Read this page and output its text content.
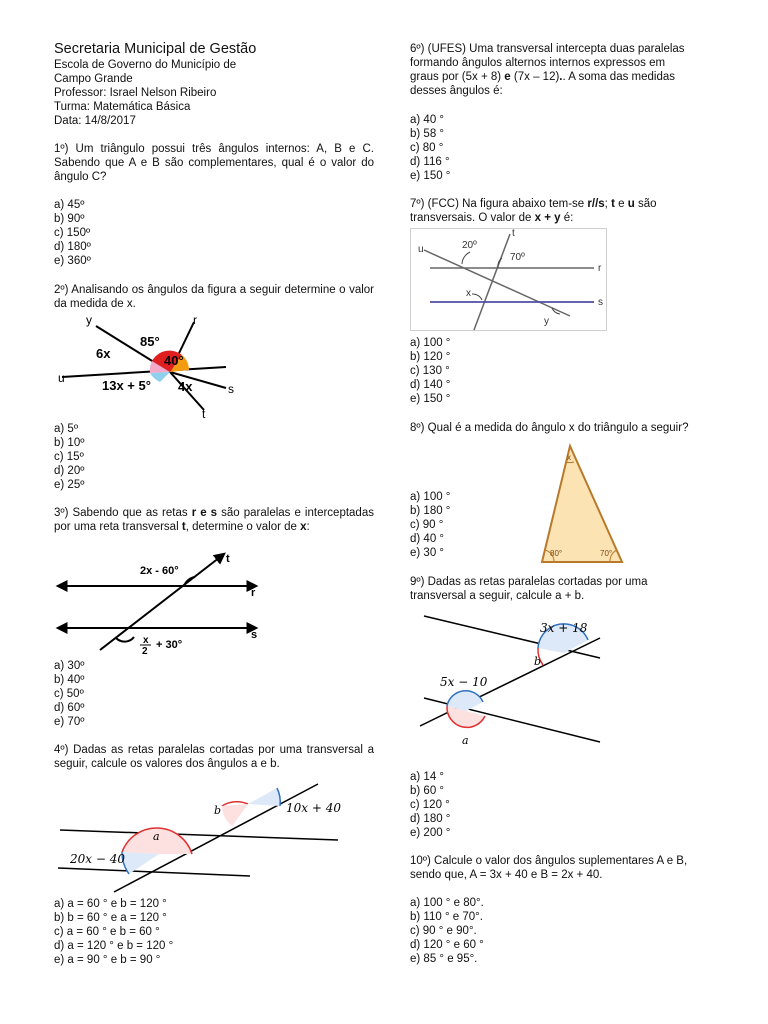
Secretaria Municipal de Gestão
Escola de Governo do Município de
Campo Grande
Professor: Israel Nelson Ribeiro
Turma: Matemática Básica
Data: 14/8/2017
1º) Um triângulo possui três ângulos internos: A, B e C. Sabendo que A e B são complementares, qual é o valor do ângulo C?
a) 45º
b) 90º
c) 150º
d) 180º
e) 360º
2º) Analisando os ângulos da figura a seguir determine o valor da medida de x.
y	r
u
s
t
85°
40°
6x
13x + 5° 4x
a) 5º
b) 10º
c) 15º
d) 20º
e) 25º
3º) Sabendo que as retas r e s são paralelas e interceptadas por uma reta transversal t, determine o valor de x:
2x - 60°
x
2
+ 30°
t
r
s
a) 30º
b) 40º
c) 50º
d) 60º
e) 70º
4º) Dadas as retas paralelas cortadas por uma transversal a seguir, calcule os valores dos ângulos a e b.
a
b
20x − 40
10x + 40
a) a = 60 ° e b = 120 °
b) b = 60 ° e a = 120 °
c) a = 60 ° e b = 60 °
d) a = 120 ° e b = 120 °
e) a = 90 ° e b = 90 °
6º) (UFES) Uma transversal intercepta duas paralelas
formando ângulos alternos internos expressos em
graus por (5x + 8) e (7x – 12).. A soma das medidas
desses ângulos é:
a) 40 °
b) 58 °
c) 80 °
d) 116 °
e) 150 °
7º) (FCC) Na figura abaixo tem-se r//s; t e u são
transversais. O valor de x + y é:
u
t
20º
70º
r
s
x
y
a) 100 °
b) 120 °
c) 130 °
d) 140 °
e) 150 °
8º) Qual é a medida do ângulo x do triângulo a seguir?
x
80°	70°
a) 100 °
b) 180 °
c) 90 °
d) 40 °
e) 30 °
9º) Dadas as retas paralelas cortadas por uma
transversal a seguir, calcule a + b.
3x + 18
b
5x − 10
a
a) 14 °
b) 60 °
c) 120 °
d) 180 °
e) 200 °
10º) Calcule o valor dos ângulos suplementares A e B,
sendo que, A = 3x + 40 e B = 2x + 40.
a) 100 ° e 80°.
b) 110 ° e 70°.
c) 90 ° e 90°.
d) 120 ° e 60 °
e) 85 ° e 95°.
